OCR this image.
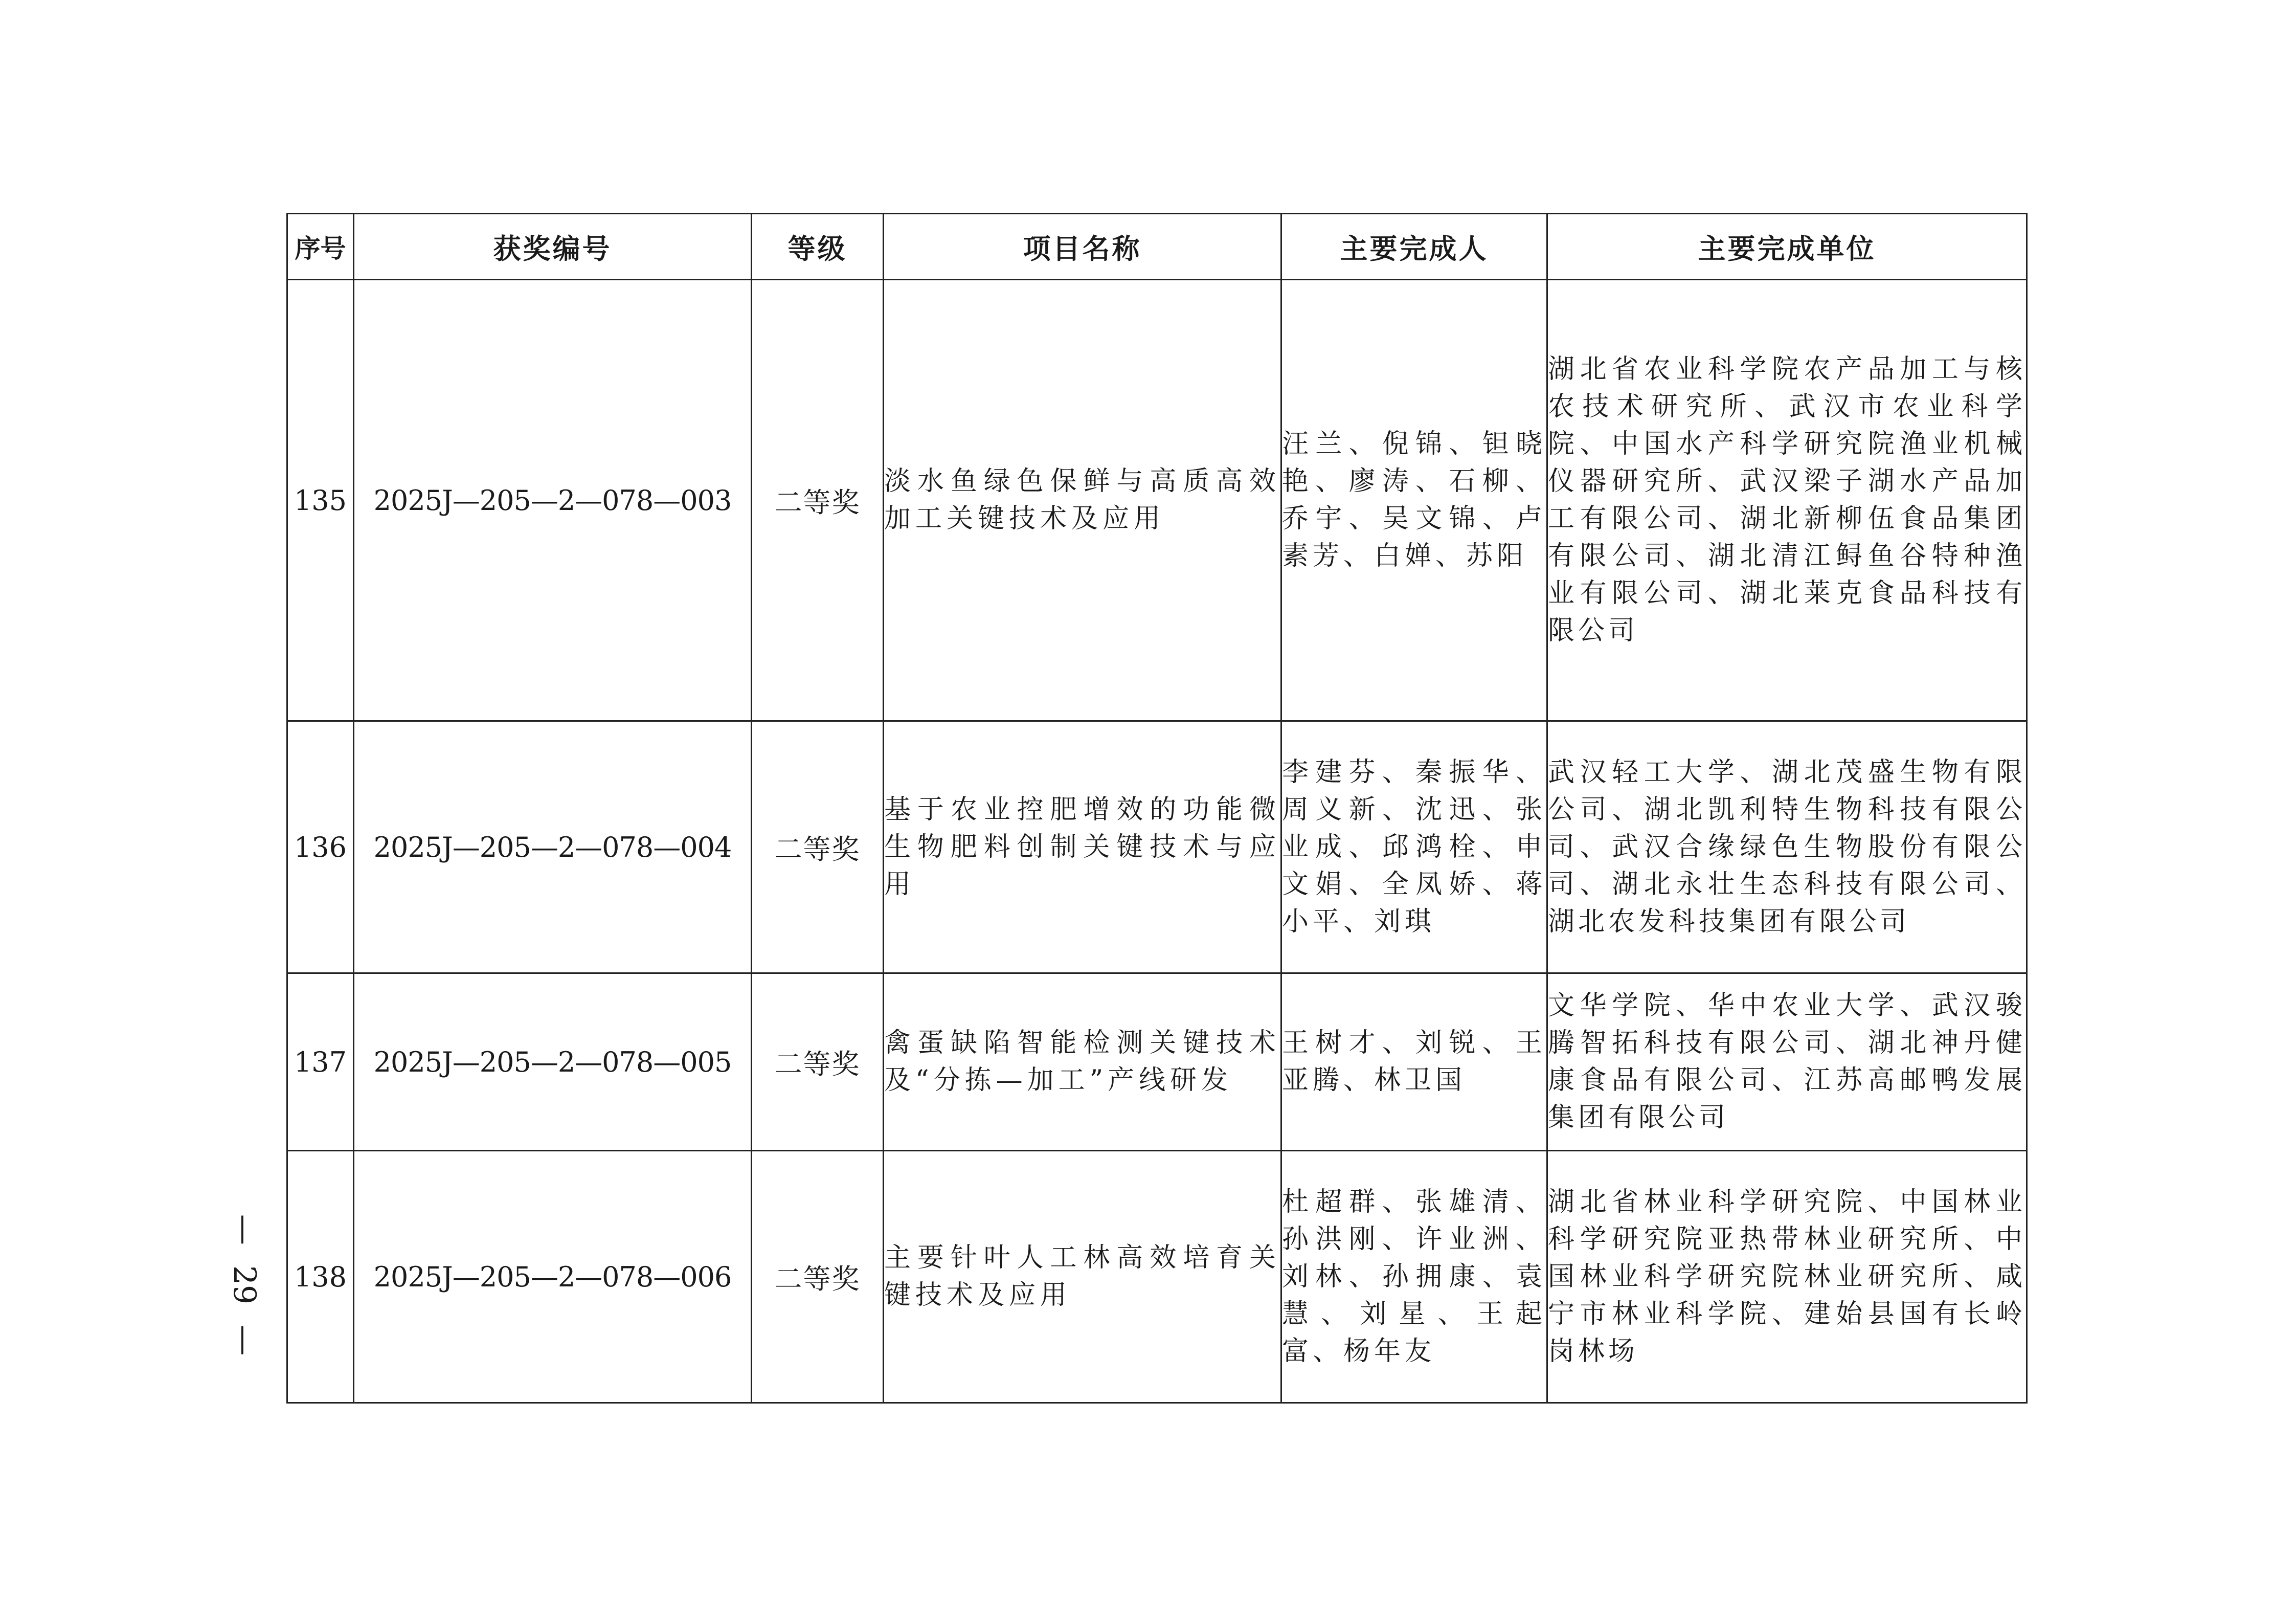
序号	获奖编号	等级	项目名称	主要完成人	主要完成单位
135	2025J—205—2—078—003	二等奖	淡水鱼绿色保鲜与高质高效加工关键技术及应用	汪兰、倪锦、钽晓艳、廖涛、石柳、乔宇、吴文锦、卢素芳、白婵、苏阳	湖北省农业科学院农产品加工与核农技术研究所、武汉市农业科学院、中国水产科学研究院渔业机械仪器研究所、武汉梁子湖水产品加工有限公司、湖北新柳伍食品集团有限公司、湖北清江鲟鱼谷特种渔业有限公司、湖北莱克食品科技有限公司
136	2025J—205—2—078—004	二等奖	基于农业控肥增效的功能微生物肥料创制关键技术与应用	李建芬、秦振华、周义新、沈迅、张业成、邱鸿栓、申文娟、全凤娇、蒋小平、刘琪	武汉轻工大学、湖北茂盛生物有限公司、湖北凯利特生物科技有限公司、武汉合缘绿色生物股份有限公司、湖北永壮生态科技有限公司、湖北农发科技集团有限公司
137	2025J—205—2—078—005	二等奖	禽蛋缺陷智能检测关键技术及“分拣—加工”产线研发	王树才、刘锐、王亚腾、林卫国	文华学院、华中农业大学、武汉骏腾智拓科技有限公司、湖北神丹健康食品有限公司、江苏高邮鸭发展集团有限公司
138	2025J—205—2—078—006	二等奖	主要针叶人工林高效培育关键技术及应用	杜超群、张雄清、孙洪刚、许业洲、刘林、孙拥康、袁慧、刘星、王起富、杨年友	湖北省林业科学研究院、中国林业科学研究院亚热带林业研究所、中国林业科学研究院林业研究所、咸宁市林业科学院、建始县国有长岭岗林场
—
29
—
